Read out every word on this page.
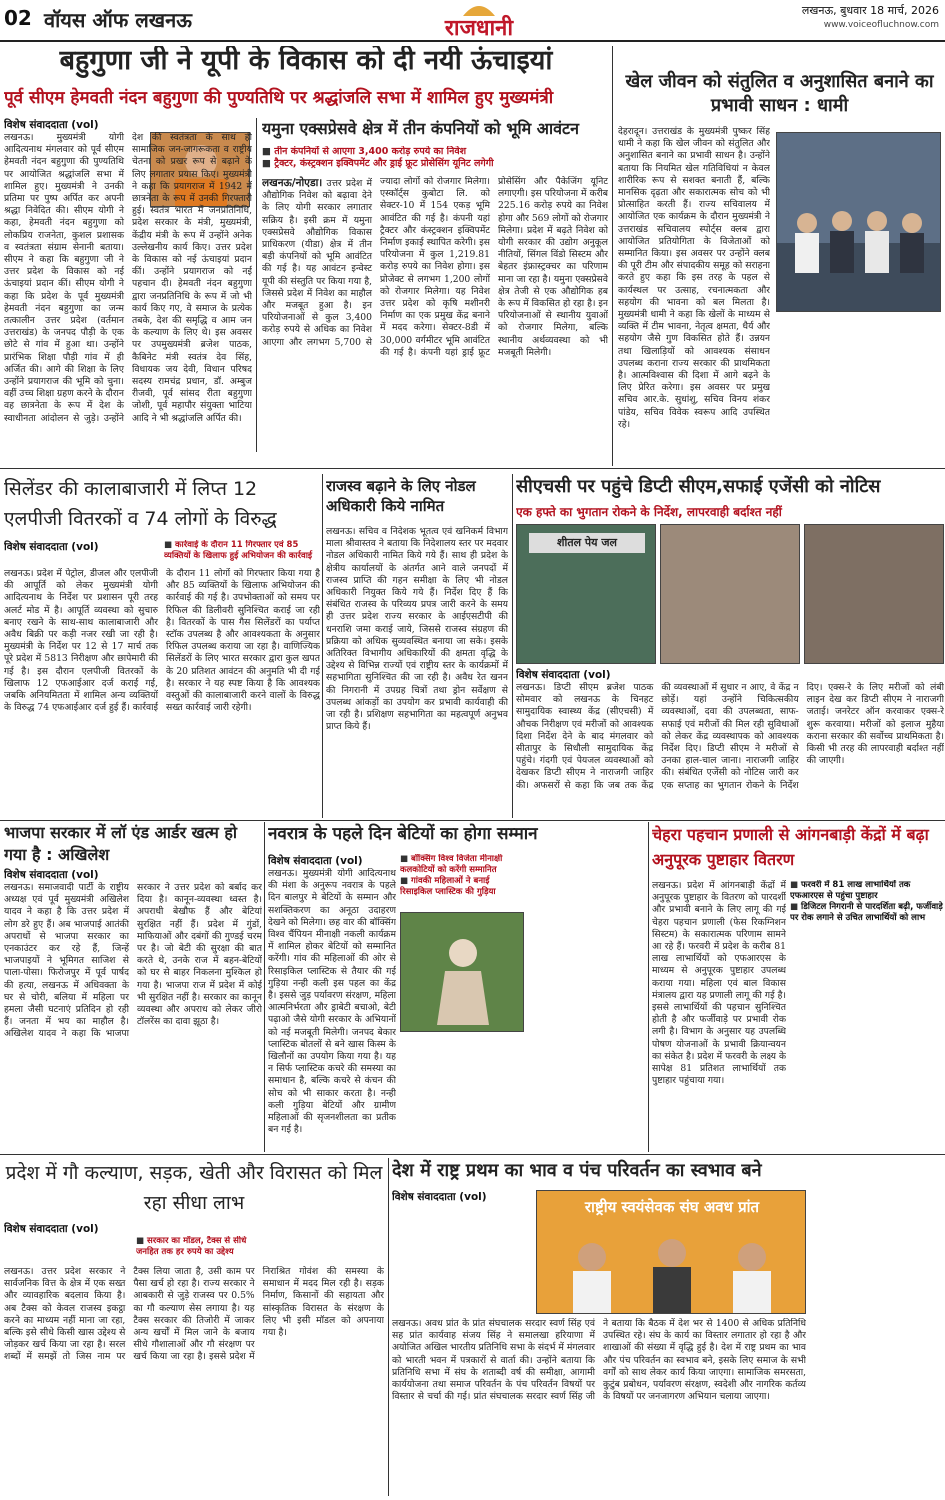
02 वॉयस ऑफ लखनऊ	राजधानी
लखनऊ, बुधवार 18 मार्च, 2026
www.voiceofluchnow.com
बहुगुणा जी ने यूपी के विकास को दी नयी ऊंचाइयां
पूर्व सीएम हेमवती नंदन बहुगुणा की पुण्यतिथि पर श्रद्धांजलि सभा में शामिल हुए मुख्यमंत्री
विशेष संवाददाता (vol)
लखनऊ। मुख्यमंत्री योगी आदित्यनाथ मंगलवार को पूर्व सीएम हेमवती नंदन बहुगुणा की पुण्यतिथि पर आयोजित श्रद्धांजलि सभा में शामिल हुए। मुख्यमंत्री ने उनकी प्रतिमा पर पुष्प अर्पित कर अपनी श्रद्धा निवेदित की। सीएम योगी ने कहा, हेमवती नंदन बहुगुणा को लोकप्रिय राजनेता, कुशल प्रशासक व स्वतंत्रता संग्राम सेनानी बताया। सीएम ने कहा कि बहुगुणा जी ने उत्तर प्रदेश के विकास को नई ऊंचाइयां प्रदान कीं। सीएम योगी ने कहा कि प्रदेश के पूर्व मुख्यमंत्री हेमवती नंदन बहुगुणा का जन्म तत्कालीन उत्तर प्रदेश (वर्तमान उत्तराखंड) के जनपद पौड़ी के एक छोटे से गांव में हुआ था। उन्होंने प्रारंभिक शिक्षा पौड़ी गांव में ही अर्जित की। आगे की शिक्षा के लिए उन्होंने प्रयागराज की भूमि को चुना। वहीं उच्च शिक्षा ग्रहण करने के दौरान वह छात्रनेता के रूप में देश के स्वाधीनता आंदोलन से जुड़े। उन्होंने देश की स्वतंत्रता के साथ ही सामाजिक जन-जागरूकता व राष्ट्रीय चेतना को प्रखर रूप से बढ़ाने के लिए लगातार प्रयास किए। मुख्यमंत्री ने कहा कि प्रयागराज में 1942 में छात्रनेता के रूप में उनकी गिरफ्तारी हुई। स्वतंत्र भारत में जनप्रतिनिधि, प्रदेश सरकार के मंत्री, मुख्यमंत्री, केंद्रीय मंत्री के रूप में उन्होंने अनेक उल्लेखनीय कार्य किए। उत्तर प्रदेश के विकास को नई ऊंचाइयां प्रदान कीं। उन्होंने प्रयागराज को नई पहचान दी। हेमवती नंदन बहुगुणा द्वारा जनप्रतिनिधि के रूप में जो भी कार्य किए गए, वे समाज के प्रत्येक तबके, देश की समृद्धि व आम जन के कल्याण के लिए थे। इस अवसर पर उपमुख्यमंत्री ब्रजेश पाठक, कैबिनेट मंत्री स्वतंत्र देव सिंह, विधायक जय देवी, विधान परिषद सदस्य रामचंद्र प्रधान, डॉ. अम्बुज रीजवी, पूर्व सांसद रीता बहुगुणा जोशी, पूर्व महापौर संयुक्ता भाटिया आदि ने भी श्रद्धांजलि अर्पित की।
यमुना एक्सप्रेसवे क्षेत्र में तीन कंपनियों को भूमि आवंटन
■ तीन कंपनियों से आएगा 3,400 करोड़ रुपये का निवेश
■ ट्रैक्टर, कंस्ट्रक्शन इक्विपमेंट और ड्राई फ्रूट प्रोसेसिंग यूनिट लगेगी
लखनऊ/नोएडा। उत्तर प्रदेश में औद्योगिक निवेश को बढ़ावा देने के लिए योगी सरकार लगातार सक्रिय है। इसी क्रम में यमुना एक्सप्रेसवे औद्योगिक विकास प्राधिकरण (यीडा) क्षेत्र में तीन बड़ी कंपनियों को भूमि आवंटित की गई है। यह आवंटन इन्वेस्ट यूपी की संस्तुति पर किया गया है, जिससे प्रदेश में निवेश का माहौल और मजबूत हुआ है। इन परियोजनाओं से कुल 3,400 करोड़ रुपये से अधिक का निवेश आएगा और लगभग 5,700 से ज्यादा लोगों को रोजगार मिलेगा। एस्कॉर्ट्स कुबोटा लि. को सेक्टर-10 में 154 एकड़ भूमि आवंटित की गई है। कंपनी यहां ट्रैक्टर और कंस्ट्रक्शन इक्विपमेंट निर्माण इकाई स्थापित करेगी। इस परियोजना में कुल 1,219.81 करोड़ रुपये का निवेश होगा। इस प्रोजेक्ट से लगभग 1,200 लोगों को रोजगार मिलेगा। यह निवेश उत्तर प्रदेश को कृषि मशीनरी निर्माण का एक प्रमुख केंद्र बनाने में मदद करेगा। सेक्टर-8डी में 30,000 वर्गमीटर भूमि आवंटित की गई है। कंपनी यहां ड्राई फ्रूट प्रोसेसिंग और पैकेजिंग यूनिट लगाएगी। इस परियोजना में करीब 225.16 करोड़ रुपये का निवेश होगा और 569 लोगों को रोजगार मिलेगा। प्रदेश में बढ़ते निवेश को योगी सरकार की उद्योग अनुकूल नीतियों, सिंगल विंडो सिस्टम और बेहतर इंफ्रास्ट्रक्चर का परिणाम माना जा रहा है। यमुना एक्सप्रेसवे क्षेत्र तेजी से एक औद्योगिक हब के रूप में विकसित हो रहा है। इन परियोजनाओं से स्थानीय युवाओं को रोजगार मिलेगा, बल्कि स्थानीय अर्थव्यवस्था को भी मजबूती मिलेगी।
खेल जीवन को संतुलित व अनुशासित बनाने का प्रभावी साधन : धामी
देहरादून। उत्तराखंड के मुख्यमंत्री पुष्कर सिंह धामी ने कहा कि खेल जीवन को संतुलित और अनुशासित बनाने का प्रभावी साधन है। उन्होंने बताया कि नियमित खेल गतिविधियां न केवल शारीरिक रूप से सशक्त बनाती हैं, बल्कि मानसिक दृढ़ता और सकारात्मक सोच को भी प्रोत्साहित करती हैं। राज्य सचिवालय में आयोजित एक कार्यक्रम के दौरान मुख्यमंत्री ने उत्तराखंड सचिवालय स्पोर्ट्स क्लब द्वारा आयोजित प्रतियोगिता के विजेताओं को सम्मानित किया। इस अवसर पर उन्होंने क्लब की पूरी टीम और संपादकीय समूह को सराहना करते हुए कहा कि इस तरह के पहल से कार्यस्थल पर उत्साह, रचनात्मकता और सहयोग की भावना को बल मिलता है। मुख्यमंत्री धामी ने कहा कि खेलों के माध्यम से व्यक्ति में टीम भावना, नेतृत्व क्षमता, धैर्य और सहयोग जैसे गुण विकसित होते हैं। उन्नयन तथा खिलाड़ियों को आवश्यक संसाधन उपलब्ध कराना राज्य सरकार की प्राथमिकता है। आत्मविश्वास की दिशा में आगे बढ़ने के लिए प्रेरित करेगा। इस अवसर पर प्रमुख सचिव आर.के. सुधांशु, सचिव विनय शंकर पांडेय, सचिव विवेक स्वरूप आदि उपस्थित रहे।
सिलेंडर की कालाबाजारी में लिप्त 12 एलपीजी वितरकों व 74 लोगों के विरुद्ध
विशेष संवाददाता (vol)	■ कार्रवाई के दौरान 11 गिरफ्तार एवं 85 व्यक्तियों के खिलाफ हुई अभियोजन की कार्रवाई
लखनऊ। प्रदेश में पेट्रोल, डीजल और एलपीजी की आपूर्ति को लेकर मुख्यमंत्री योगी आदित्यनाथ के निर्देश पर प्रशासन पूरी तरह अलर्ट मोड में है। आपूर्ति व्यवस्था को सुचारु बनाए रखने के साथ-साथ कालाबाजारी और अवैध बिक्री पर कड़ी नजर रखी जा रही है। मुख्यमंत्री के निर्देश पर 12 से 17 मार्च तक पूरे प्रदेश में 5813 निरीक्षण और छापेमारी की गई है। इस दौरान एलपीजी वितरकों के खिलाफ 12 एफआईआर दर्ज कराई गई, जबकि अनियमितता में शामिल अन्य व्यक्तियों के विरुद्ध 74 एफआईआर दर्ज हुई हैं। कार्रवाई के दौरान 11 लोगों को गिरफ्तार किया गया है और 85 व्यक्तियों के खिलाफ अभियोजन की कार्रवाई की गई है। उपभोक्ताओं को समय पर रिफिल की डिलीवरी सुनिश्चित कराई जा रही है। वितरकों के पास गैस सिलेंडरों का पर्याप्त स्टॉक उपलब्ध है और आवश्यकता के अनुसार रिफिल उपलब्ध कराया जा रहा है। वाणिज्यिक सिलेंडरों के लिए भारत सरकार द्वारा कुल खपत के 20 प्रतिशत आवंटन की अनुमति भी दी गई है। सरकार ने यह स्पष्ट किया है कि आवश्यक वस्तुओं की कालाबाजारी करने वालों के विरुद्ध सख्त कार्रवाई जारी रहेगी।
राजस्व बढ़ाने के लिए नोडल अधिकारी किये नामित
लखनऊ। सचिव व निदेशक भूतत्व एवं खनिकर्म विभाग माला श्रीवास्तव ने बताया कि निदेशालय स्तर पर मदवार नोडल अधिकारी नामित किये गये हैं। साथ ही प्रदेश के क्षेत्रीय कार्यालयों के अंतर्गत आने वाले जनपदों में राजस्व प्राप्ति की गहन समीक्षा के लिए भी नोडल अधिकारी नियुक्त किये गये हैं। निर्देश दिए हैं कि संबंधित राजस्व के परिव्यय प्रपत्र जारी करने के समय ही उत्तर प्रदेश राज्य सरकार के आईएसटीपी की धनराशि जमा कराई जाये, जिससे राजस्व संग्रहण की प्रक्रिया को अधिक सुव्यवस्थित बनाया जा सके। इसके अतिरिक्त विभागीय अधिकारियों की क्षमता वृद्धि के उद्देश्य से विभिन्न राज्यों एवं राष्ट्रीय स्तर के कार्यक्रमों में सहभागिता सुनिश्चित की जा रही है। अवैध रेत खनन की निगरानी में उपग्रह चित्रों तथा ड्रोन सर्वेक्षण से उपलब्ध आंकड़ों का उपयोग कर प्रभावी कार्यवाही की जा रही है। प्रशिक्षण सहभागिता का महत्वपूर्ण अनुभव प्राप्त किये हैं।
सीएचसी पर पहुंचे डिप्टी सीएम,सफाई एजेंसी को नोटिस
एक हफ्ते का भुगतान रोकने के निर्देश, लापरवाही बर्दाश्त नहीं
शीतल पेय जल
विशेष संवाददाता (vol)
लखनऊ। डिप्टी सीएम ब्रजेश पाठक सोमवार को लखनऊ के चिनहट सामुदायिक स्वास्थ्य केंद्र (सीएचसी) में औचक निरीक्षण एवं मरीजों को आवश्यक दिशा निर्देश देने के बाद मंगलवार को सीतापुर के सिधौली सामुदायिक केंद्र पहुंचे। गंदगी एवं पेयजल व्यवस्थाओं को देखकर डिप्टी सीएम ने नाराजगी जाहिर की। अफसरों से कहा कि जब तक केंद्र की व्यवस्थाओं में सुधार न आए, वे केंद्र न छोड़ें। यहां उन्होंने चिकित्सकीय व्यवस्थाओं, दवा की उपलब्धता, साफ-सफाई एवं मरीजों की मिल रही सुविधाओं को लेकर केंद्र व्यवस्थापक को आवश्यक निर्देश दिए। डिप्टी सीएम ने मरीजों से उनका हाल-चाल जाना। नाराजगी जाहिर की। संबंधित एजेंसी को नोटिस जारी कर एक सप्ताह का भुगतान रोकने के निर्देश दिए। एक्स-रे के लिए मरीजों को लंबी लाइन देख कर डिप्टी सीएम ने नाराजगी जताई। जनरेटर ऑन करवाकर एक्स-रे शुरू करवाया। मरीजों को इलाज मुहैया कराना सरकार की सर्वोच्च प्राथमिकता है। किसी भी तरह की लापरवाही बर्दाश्त नहीं की जाएगी।
भाजपा सरकार में लॉ एंड आर्डर खत्म हो गया है : अखिलेश
विशेष संवाददाता (vol)
लखनऊ। समाजवादी पार्टी के राष्ट्रीय अध्यक्ष एवं पूर्व मुख्यमंत्री अखिलेश यादव ने कहा है कि उत्तर प्रदेश में लोग डरे हुए हैं। अब भाजपाई आतंकी अपराधों से भाजपा सरकार का एनकाउंटर कर रहे हैं, जिन्हें भाजपाइयों ने भूमिगत साजिश से पाला-पोसा। फिरोजपुर में पूर्व पार्षद की हत्या, लखनऊ में अधिवक्ता के घर से चोरी, बलिया में महिला पर हमला जैसी घटनाएं प्रतिदिन हो रही हैं। जनता में भय का माहौल है। अखिलेश यादव ने कहा कि भाजपा सरकार ने उत्तर प्रदेश को बर्बाद कर दिया है। कानून-व्यवस्था ध्वस्त है। अपराधी बेखौफ हैं और बेटियां सुरक्षित नहीं हैं। प्रदेश में गुंडों, माफियाओं और दबंगों की गुण्डई चरम पर है। जो बेटी की सुरक्षा की बात करते थे, उनके राज में बहन-बेटियों को घर से बाहर निकलना मुश्किल हो गया है। भाजपा राज में प्रदेश में कोई भी सुरक्षित नहीं है। सरकार का कानून व्यवस्था और अपराध को लेकर जीरो टॉलरेंस का दावा झूठा है।
नवरात्र के पहले दिन बेटियों का होगा सम्मान
विशेष संवाददाता (vol)	■ बॉक्सिंग विश्व विजेता मीनाक्षी कलकोटियों को करेंगी सम्मानित
■ गांवकी महिलाओं ने बनाई रिसाइकिल प्लास्टिक की गुड़िया
लखनऊ। मुख्यमंत्री योगी आदित्यनाथ की मंशा के अनुरूप नवरात्र के पहले दिन बालपुर मे बेटियों के सम्मान और सशक्तिकरण का अनूठा उदाहरण देखने को मिलेगा। छह वार की बॉक्सिंग विश्व चैंपियन मीनाक्षी नकली कार्यक्रम में शामिल होकर बेटियों को सम्मानित करेंगी। गांव की महिलाओं की ओर से रिसाइकिल प्लास्टिक से तैयार की गई गुड़िया नन्ही कली इस पहल का केंद्र है। इससे जुड़ पर्यावरण संरक्षण, महिला आत्मनिर्भरता और ड्राबेटी बचाओ, बेटी पढ़ाओ जैसे योगी सरकार के अभियानों को नई मजबूती मिलेगी। जनपद बेकार प्लास्टिक बोतलों से बने खास किस्म के खिलौनों का उपयोग किया गया है। यह न सिर्फ प्लास्टिक कचरे की समस्या का समाधान है, बल्कि कचरे से कंचन की सोच को भी साकार करता है। नन्ही कली गुड़िया बेटियों और ग्रामीण महिलाओं की सृजनशीलता का प्रतीक बन गई है।
चेहरा पहचान प्रणाली से आंगनबाड़ी केंद्रों में बढ़ा अनुपूरक पुष्टाहार वितरण
■ फरवरी में 81 लाख लाभार्थियों तक एफआरएस से पहुंचा पुष्टाहार
■ डिजिटल निगरानी से पारदर्शिता बढ़ी, फर्जीवाड़े पर रोक लगाने से उचित लाभार्थियों को लाभ
लखनऊ। प्रदेश में आंगनबाड़ी केंद्रों में अनुपूरक पुष्टाहार के वितरण को पारदर्शी और प्रभावी बनाने के लिए लागू की गई चेहरा पहचान प्रणाली (फेस रिकग्निशन सिस्टम) के सकारात्मक परिणाम सामने आ रहे हैं। फरवरी में प्रदेश के करीब 81 लाख लाभार्थियों को एफआरएस के माध्यम से अनुपूरक पुष्टाहार उपलब्ध कराया गया। महिला एवं बाल विकास मंत्रालय द्वारा यह प्रणाली लागू की गई है। इससे लाभार्थियों की पहचान सुनिश्चित होती है और फर्जीवाड़े पर प्रभावी रोक लगी है। विभाग के अनुसार यह उपलब्धि पोषण योजनाओं के प्रभावी क्रियान्वयन का संकेत है। प्रदेश में फरवरी के लक्ष्य के सापेक्ष 81 प्रतिशत लाभार्थियों तक पुष्टाहार पहुंचाया गया।
प्रदेश में गौ कल्याण, सड़क, खेती और विरासत को मिल रहा सीधा लाभ
विशेष संवाददाता (vol)
■ सरकार का मॉडल, टैक्स से सीधे जनहित तक हर रुपये का उद्देश्य
लखनऊ। उत्तर प्रदेश सरकार ने सार्वजनिक वित्त के क्षेत्र में एक सख्त और व्यावहारिक बदलाव किया है। अब टैक्स को केवल राजस्व इकट्ठा करने का माध्यम नहीं माना जा रहा, बल्कि इसे सीधे किसी खास उद्देश्य से जोड़कर खर्च किया जा रहा है। सरल शब्दों में समझें तो जिस नाम पर टैक्स लिया जाता है, उसी काम पर पैसा खर्च हो रहा है। राज्य सरकार ने आबकारी से जुड़े राजस्व पर 0.5% का गौ कल्याण सेस लगाया है। यह टैक्स सरकार की तिजोरी में जाकर अन्य खर्चों में मिल जाने के बजाय सीधे गौशालाओं और गौ संरक्षण पर खर्च किया जा रहा है। इससे प्रदेश में निराश्रित गोवंश की समस्या के समाधान में मदद मिल रही है। सड़क निर्माण, किसानों की सहायता और सांस्कृतिक विरासत के संरक्षण के लिए भी इसी मॉडल को अपनाया गया है।
देश में राष्ट्र प्रथम का भाव व पंच परिवर्तन का स्वभाव बने
विशेष संवाददाता (vol)
राष्ट्रीय स्वयंसेवक संघ अवध प्रांत
लखनऊ। अवध प्रांत के प्रांत संघचालक सरदार स्वर्ण सिंह एवं सह प्रांत कार्यवाह संजय सिंह ने समालखा हरियाणा में अयोजित अखिल भारतीय प्रतिनिधि सभा के संदर्भ में मंगलवार को भारती भवन में पत्रकारों से वार्ता की। उन्होंने बताया कि प्रतिनिधि सभा में संघ के शताब्दी वर्ष की समीक्षा, आगामी कार्ययोजना तथा समाज परिवर्तन के पंच परिवर्तन विषयों पर विस्तार से चर्चा की गई। प्रांत संघचालक सरदार स्वर्ण सिंह जी ने बताया कि बैठक में देश भर से 1400 से अधिक प्रतिनिधि उपस्थित रहे। संघ के कार्य का विस्तार लगातार हो रहा है और शाखाओं की संख्या में वृद्धि हुई है। देश में राष्ट्र प्रथम का भाव और पंच परिवर्तन का स्वभाव बने, इसके लिए समाज के सभी वर्गों को साथ लेकर कार्य किया जाएगा। सामाजिक समरसता, कुटुंब प्रबोधन, पर्यावरण संरक्षण, स्वदेशी और नागरिक कर्तव्य के विषयों पर जनजागरण अभियान चलाया जाएगा।
